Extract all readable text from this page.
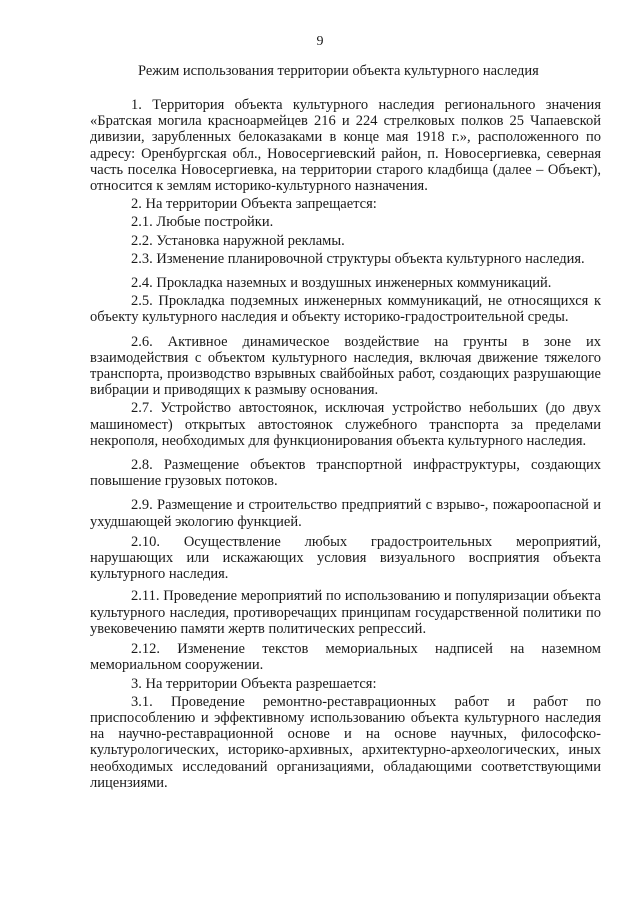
9
Режим использования территории объекта культурного наследия

1. Территория объекта культурного наследия регионального значения «Братская могила красноармейцев 216 и 224 стрелковых полков 25 Чапаевской дивизии, зарубленных белоказаками в конце мая 1918 г.», расположенного по адресу: Оренбургская обл., Новосергиевский район, п. Новосергиевка, северная часть поселка Новосергиевка, на территории старого кладбища (далее – Объект), относится к землям историко-культурного назначения.

2. На территории Объекта запрещается:

2.1. Любые постройки.

2.2. Установка наружной рекламы.

2.3. Изменение планировочной структуры объекта культурного наследия.

2.4. Прокладка наземных и воздушных инженерных коммуникаций.

2.5. Прокладка подземных инженерных коммуникаций, не относящихся к объекту культурного наследия и объекту историко-градостроительной среды.

2.6. Активное динамическое воздействие на грунты в зоне их взаимодействия с объектом культурного наследия, включая движение тяжелого транспорта, производство взрывных свайбойных работ, создающих разрушающие вибрации и приводящих к размыву основания.

2.7. Устройство автостоянок, исключая устройство небольших (до двух машиномест) открытых автостоянок служебного транспорта за пределами некрополя, необходимых для функционирования объекта культурного наследия.

2.8. Размещение объектов транспортной инфраструктуры, создающих повышение грузовых потоков.

2.9. Размещение и строительство предприятий с взрыво-, пожароопасной и ухудшающей экологию функцией.

2.10. Осуществление любых градостроительных мероприятий, нарушающих или искажающих условия визуального восприятия объекта культурного наследия.

2.11. Проведение мероприятий по использованию и популяризации объекта культурного наследия, противоречащих принципам государственной политики по увековечению памяти жертв политических репрессий.

2.12. Изменение текстов мемориальных надписей на наземном мемориальном сооружении.

3. На территории Объекта разрешается:

3.1. Проведение ремонтно-реставрационных работ и работ по приспособлению и эффективному использованию объекта культурного наследия на научно-реставрационной основе и на основе научных, философско-культурологических, историко-архивных, архитектурно-археологических, иных необходимых исследований организациями, обладающими соответствующими лицензиями.
